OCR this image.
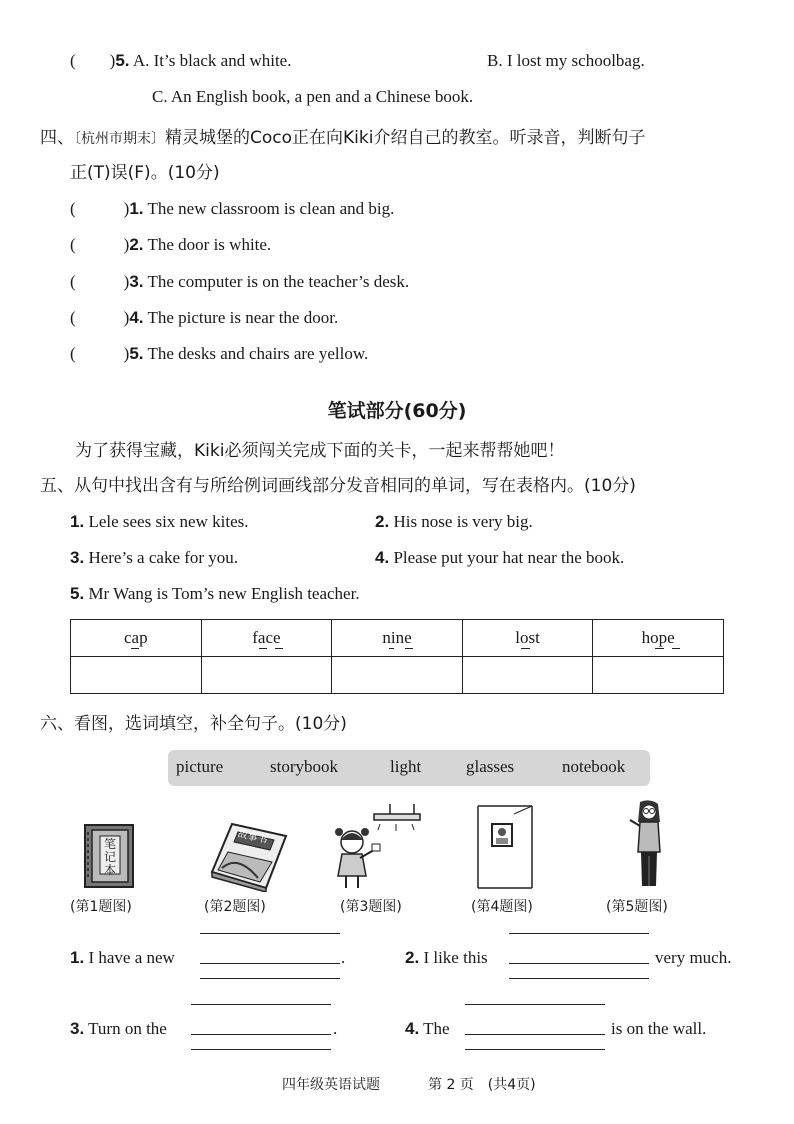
(　　)5. A. It’s black and white.	B. I lost my schoolbag.
C. An English book, a pen and a Chinese book.
四、〔杭州市期末〕精灵城堡的Coco正在向Kiki介绍自己的教室。听录音，判断句子
正(T)误(F)。(10分)
(	)1. The new classroom is clean and big.
(	)2. The door is white.
(	)3. The computer is on the teacher’s desk.
(	)4. The picture is near the door.
(	)5. The desks and chairs are yellow.
笔试部分(60分)
为了获得宝藏，Kiki必须闯关完成下面的关卡，一起来帮帮她吧！
五、从句中找出含有与所给例词画线部分发音相同的单词，写在表格内。(10分)
1. Lele sees six new kites.	2. His nose is very big.
3. Here’s a cake for you.	4. Please put your hat near the book.
5. Mr Wang is Tom’s new English teacher.
cap	face	nine	lost	hope

六、看图，选词填空，补全句子。(10分)
picture	storybook	light	glasses	notebook
笔记本
故事书
(第1题图)	(第2题图)	(第3题图)	(第4题图)	(第5题图)
1. I have a new	.	2. I like this	very much.
3. Turn on the	.	4. The	is on the wall.
四年级英语试题	第 2 页　(共4页)
